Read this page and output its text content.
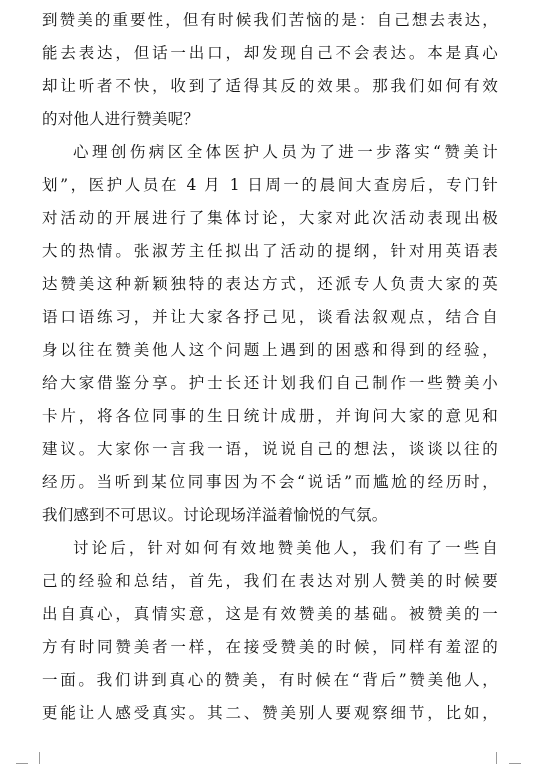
到赞美的重要性，但有时候我们苦恼的是：自己想去表达，
能去表达，但话一出口，却发现自己不会表达。本是真心
却让听者不快，收到了适得其反的效果。那我们如何有效
的对他人进行赞美呢？
心理创伤病区全体医护人员为了进一步落实“赞美计
划”，医护人员在 4 月 1 日周一的晨间大查房后，专门针
对活动的开展进行了集体讨论，大家对此次活动表现出极
大的热情。张淑芳主任拟出了活动的提纲，针对用英语表
达赞美这种新颖独特的表达方式，还派专人负责大家的英
语口语练习，并让大家各抒己见，谈看法叙观点，结合自
身以往在赞美他人这个问题上遇到的困惑和得到的经验，
给大家借鉴分享。护士长还计划我们自己制作一些赞美小
卡片，将各位同事的生日统计成册，并询问大家的意见和
建议。大家你一言我一语，说说自己的想法，谈谈以往的
经历。当听到某位同事因为不会“说话”而尴尬的经历时，
我们感到不可思议。讨论现场洋溢着愉悦的气氛。
讨论后，针对如何有效地赞美他人，我们有了一些自
己的经验和总结，首先，我们在表达对别人赞美的时候要
出自真心，真情实意，这是有效赞美的基础。被赞美的一
方有时同赞美者一样，在接受赞美的时候，同样有羞涩的
一面。我们讲到真心的赞美，有时候在“背后”赞美他人，
更能让人感受真实。其二、赞美别人要观察细节，比如，
